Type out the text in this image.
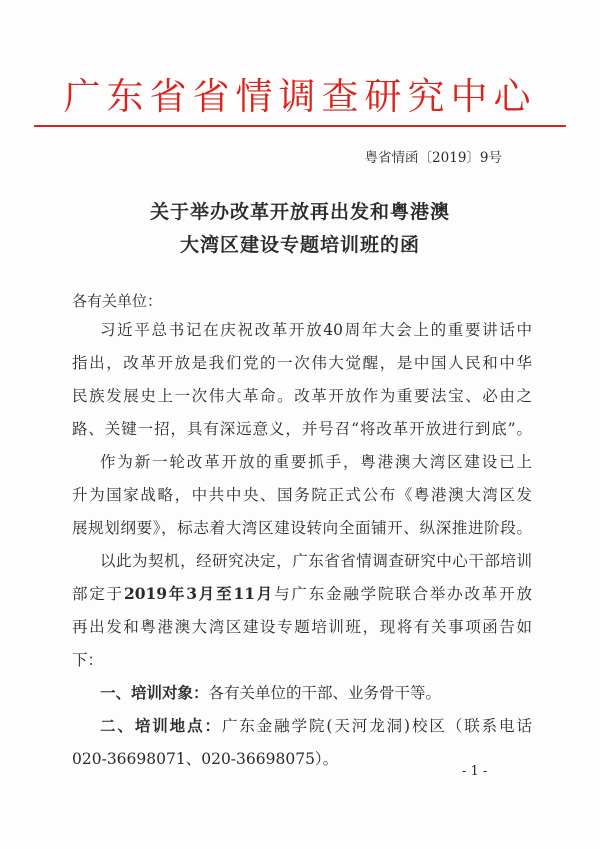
广东省省情调查研究中心
粤省情函〔2019〕9号
关于举办改革开放再出发和粤港澳
大湾区建设专题培训班的函
各有关单位：
习近平总书记在庆祝改革开放40周年大会上的重要讲话中
指出，改革开放是我们党的一次伟大觉醒，是中国人民和中华
民族发展史上一次伟大革命。改革开放作为重要法宝、必由之
路、关键一招，具有深远意义，并号召“将改革开放进行到底”。
作为新一轮改革开放的重要抓手，粤港澳大湾区建设已上
升为国家战略，中共中央、国务院正式公布《粤港澳大湾区发
展规划纲要》，标志着大湾区建设转向全面铺开、纵深推进阶段。
以此为契机，经研究决定，广东省省情调查研究中心干部培训
部定于2019年3月至11月与广东金融学院联合举办改革开放
再出发和粤港澳大湾区建设专题培训班，现将有关事项函告如
下：
一、培训对象：各有关单位的干部、业务骨干等。
二、培训地点：广东金融学院(天河龙洞)校区（联系电话
020-36698071、020-36698075）。
- 1 -
